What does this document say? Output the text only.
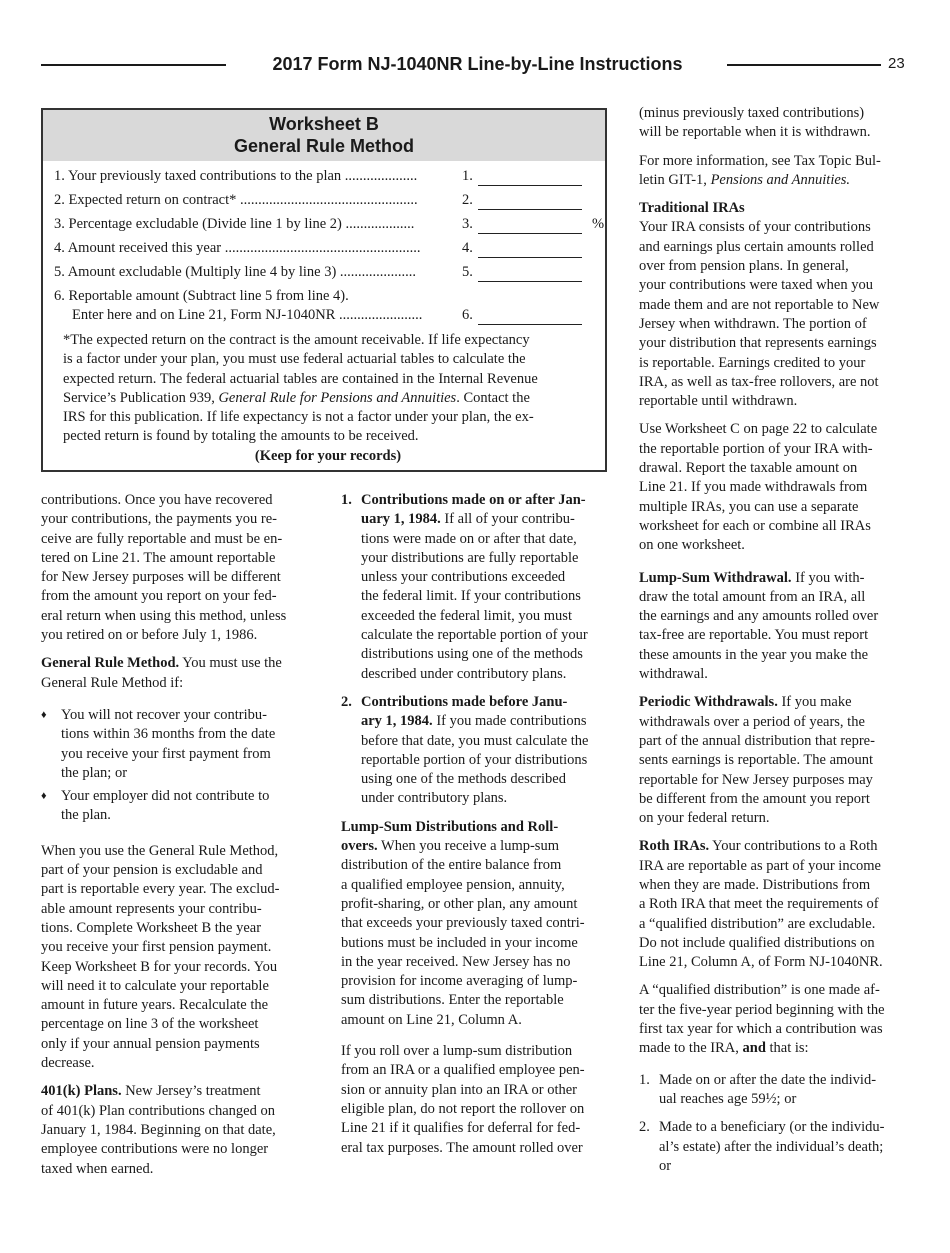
2017 Form NJ-1040NR Line-by-Line Instructions	23
Worksheet B
General Rule Method
1. Your previously taxed contributions to the plan ....................	1.
2. Expected return on contract* .................................................	2.
3. Percentage excludable (Divide line 1 by line 2) ...................	3.	%
4. Amount received this year ......................................................	4.
5. Amount excludable (Multiply line 4 by line 3) .....................	5.
6. Reportable amount (Subtract line 5 from line 4).
Enter here and on Line 21, Form NJ-1040NR .......................	6.
*The expected return on the contract is the amount receivable. If life expectancy
is a factor under your plan, you must use federal actuarial tables to calculate the
expected return. The federal actuarial tables are contained in the Internal Revenue
Service’s Publication 939, General Rule for Pensions and Annuities. Contact the
IRS for this publication. If life expectancy is not a factor under your plan, the ex-
pected return is found by totaling the amounts to be received.
(Keep for your records)

contributions. Once you have recovered
your contributions, the payments you re-
ceive are fully reportable and must be en-
tered on Line 21. The amount reportable
for New Jersey purposes will be different
from the amount you report on your fed-
eral return when using this method, unless
you retired on or before July 1, 1986.

General Rule Method. You must use the
General Rule Method if:

♦ You will not recover your contribu-
tions within 36 months from the date
you receive your first payment from
the plan; or
♦ Your employer did not contribute to
the plan.

When you use the General Rule Method,
part of your pension is excludable and
part is reportable every year. The exclud-
able amount represents your contribu-
tions. Complete Worksheet B the year
you receive your first pension payment.
Keep Worksheet B for your records. You
will need it to calculate your reportable
amount in future years. Recalculate the
percentage on line 3 of the worksheet
only if your annual pension payments
decrease.

401(k) Plans. New Jersey’s treatment
of 401(k) Plan contributions changed on
January 1, 1984. Beginning on that date,
employee contributions were no longer
taxed when earned.

1. Contributions made on or after Jan-
uary 1, 1984. If all of your contribu-
tions were made on or after that date,
your distributions are fully reportable
unless your contributions exceeded
the federal limit. If your contributions
exceeded the federal limit, you must
calculate the reportable portion of your
distributions using one of the methods
described under contributory plans.
2. Contributions made before Janu-
ary 1, 1984. If you made contributions
before that date, you must calculate the
reportable portion of your distributions
using one of the methods described
under contributory plans.

Lump-Sum Distributions and Roll-
overs. When you receive a lump-sum
distribution of the entire balance from
a qualified employee pension, annuity,
profit-sharing, or other plan, any amount
that exceeds your previously taxed contri-
butions must be included in your income
in the year received. New Jersey has no
provision for income averaging of lump-
sum distributions. Enter the reportable
amount on Line 21, Column A.

If you roll over a lump-sum distribution
from an IRA or a qualified employee pen-
sion or annuity plan into an IRA or other
eligible plan, do not report the rollover on
Line 21 if it qualifies for deferral for fed-
eral tax purposes. The amount rolled over

(minus previously taxed contributions)
will be reportable when it is withdrawn.

For more information, see Tax Topic Bul-
letin GIT-1, Pensions and Annuities.

Traditional IRAs
Your IRA consists of your contributions
and earnings plus certain amounts rolled
over from pension plans. In general,
your contributions were taxed when you
made them and are not reportable to New
Jersey when withdrawn. The portion of
your distribution that represents earnings
is reportable. Earnings credited to your
IRA, as well as tax-free rollovers, are not
reportable until withdrawn.

Use Worksheet C on page 22 to calculate
the reportable portion of your IRA with-
drawal. Report the taxable amount on
Line 21. If you made withdrawals from
multiple IRAs, you can use a separate
worksheet for each or combine all IRAs
on one worksheet.

Lump-Sum Withdrawal. If you with-
draw the total amount from an IRA, all
the earnings and any amounts rolled over
tax-free are reportable. You must report
these amounts in the year you make the
withdrawal.

Periodic Withdrawals. If you make
withdrawals over a period of years, the
part of the annual distribution that repre-
sents earnings is reportable. The amount
reportable for New Jersey purposes may
be different from the amount you report
on your federal return.

Roth IRAs. Your contributions to a Roth
IRA are reportable as part of your income
when they are made. Distributions from
a Roth IRA that meet the requirements of
a “qualified distribution” are excludable.
Do not include qualified distributions on
Line 21, Column A, of Form NJ-1040NR.

A “qualified distribution” is one made af-
ter the five-year period beginning with the
first tax year for which a contribution was
made to the IRA, and that is:

1. Made on or after the date the individ-
ual reaches age 59½; or
2. Made to a beneficiary (or the individu-
al’s estate) after the individual’s death;
or
